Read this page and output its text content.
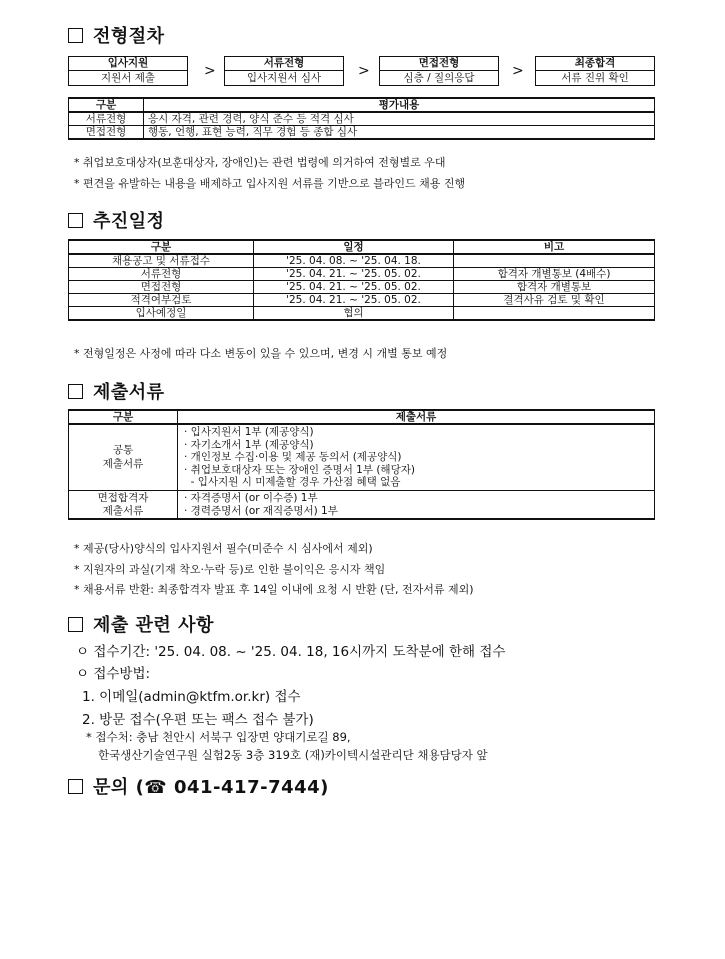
전형절차
입사지원
지원서 제출	>	서류전형
입사지원서 심사	>	면접전형
심층 / 질의응답	>	최종합격
서류 진위 확인
구분	평가내용
서류전형	응시 자격, 관련 경력, 양식 준수 등 적격 심사
면접전형	행동, 언행, 표현 능력, 직무 경험 등 종합 심사
* 취업보호대상자(보훈대상자, 장애인)는 관련 법령에 의거하여 전형별로 우대
* 편견을 유발하는 내용을 배제하고 입사지원 서류를 기반으로 블라인드 채용 진행
추진일정
구분	일정	비고
채용공고 및 서류접수	'25. 04. 08. ~ '25. 04. 18.	
서류전형	'25. 04. 21. ~ '25. 05. 02.	합격자 개별통보 (4배수)
면접전형	'25. 04. 21. ~ '25. 05. 02.	합격자 개별통보
적격여부검토	'25. 04. 21. ~ '25. 05. 02.	결격사유 검토 및 확인
입사예정일	협의	
* 전형일정은 사정에 따라 다소 변동이 있을 수 있으며, 변경 시 개별 통보 예정
제출서류
구분	제출서류

공통
제출서류	· 입사지원서 1부 (제공양식)
· 자기소개서 1부 (제공양식)
· 개인정보 수집·이용 및 제공 동의서 (제공양식)
· 취업보호대상자 또는 장애인 증명서 1부 (해당자)
- 입사지원 시 미제출할 경우 가산점 혜택 없음

면접합격자
제출서류	· 자격증명서 (or 이수증) 1부
· 경력증명서 (or 재직증명서) 1부
* 제공(당사)양식의 입사지원서 필수(미준수 시 심사에서 제외)
* 지원자의 과실(기재 착오·누락 등)로 인한 불이익은 응시자 책임
* 채용서류 반환: 최종합격자 발표 후 14일 이내에 요청 시 반환 (단, 전자서류 제외)
제출 관련 사항
ㅇ 접수기간: '25. 04. 08. ~ '25. 04. 18, 16시까지 도착분에 한해 접수
ㅇ 접수방법:
1. 이메일(admin@ktfm.or.kr) 접수
2. 방문 접수(우편 또는 팩스 접수 불가)
* 접수처: 충남 천안시 서북구 입장면 양대기로길 89,
한국생산기술연구원 실험2동 3층 319호 (재)카이텍시설관리단 채용담당자 앞
문의 (☎ 041-417-7444)
